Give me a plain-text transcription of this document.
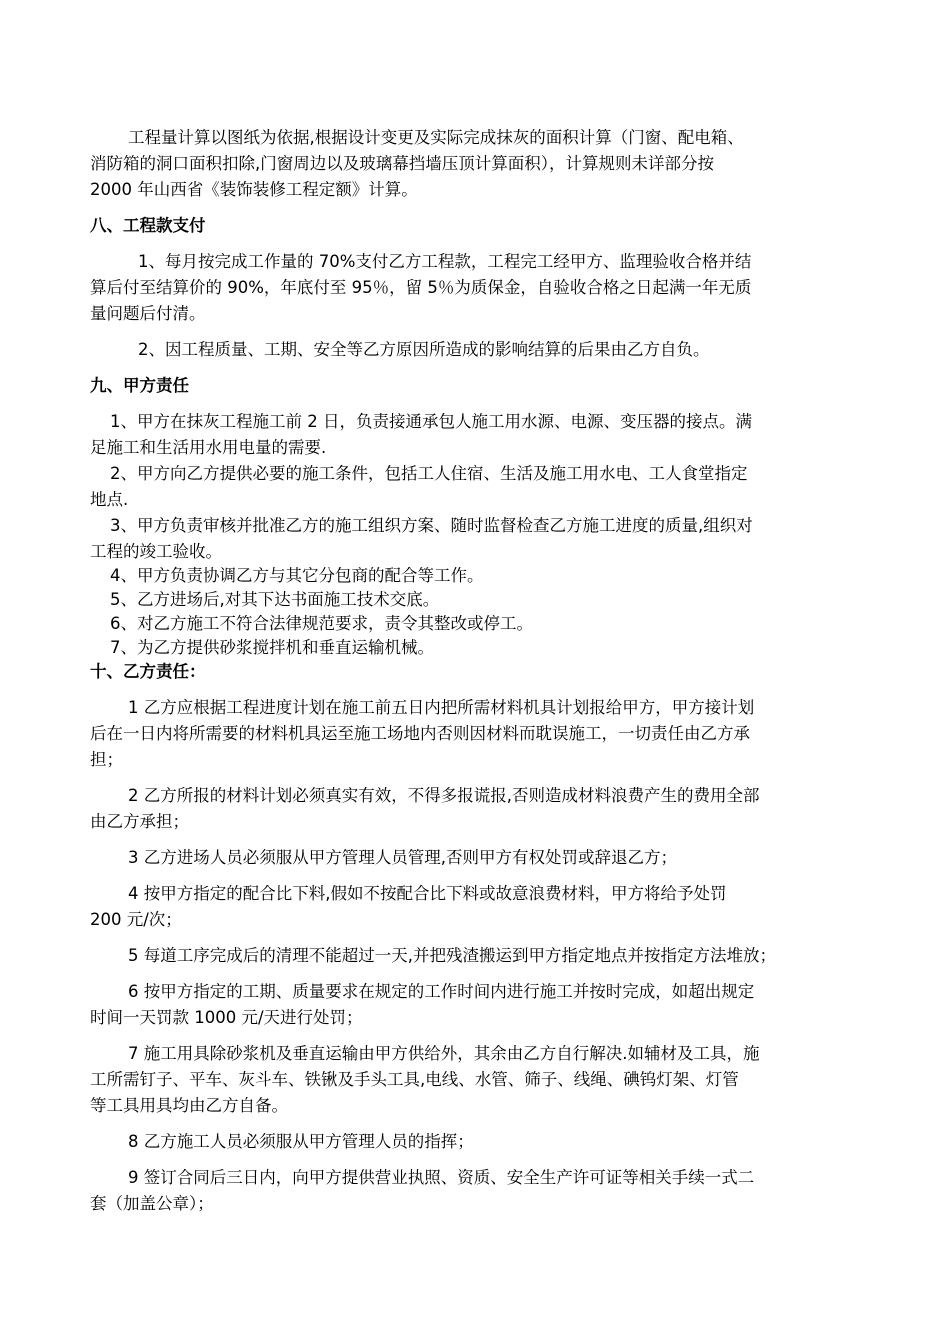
工程量计算以图纸为依据,根据设计变更及实际完成抹灰的面积计算（门窗、配电箱、
消防箱的洞口面积扣除,门窗周边以及玻璃幕挡墙压顶计算面积），计算规则未详部分按
2000 年山西省《装饰装修工程定额》计算。
八、工程款支付
1、每月按完成工作量的 70%支付乙方工程款，工程完工经甲方、监理验收合格并结
算后付至结算价的 90%，年底付至 95％，留 5％为质保金，自验收合格之日起满一年无质
量问题后付清。
2、因工程质量、工期、安全等乙方原因所造成的影响结算的后果由乙方自负。
九、甲方责任
1、甲方在抹灰工程施工前 2 日，负责接通承包人施工用水源、电源、变压器的接点。满
足施工和生活用水用电量的需要.
2、甲方向乙方提供必要的施工条件，包括工人住宿、生活及施工用水电、工人食堂指定
地点.
3、甲方负责审核并批准乙方的施工组织方案、随时监督检查乙方施工进度的质量,组织对
工程的竣工验收。
4、甲方负责协调乙方与其它分包商的配合等工作。
5、乙方进场后,对其下达书面施工技术交底。
6、对乙方施工不符合法律规范要求，责令其整改或停工。
7、为乙方提供砂浆搅拌机和垂直运输机械。
十、乙方责任：
1 乙方应根据工程进度计划在施工前五日内把所需材料机具计划报给甲方，甲方接计划
后在一日内将所需要的材料机具运至施工场地内否则因材料而耽误施工，一切责任由乙方承
担；
2 乙方所报的材料计划必须真实有效，不得多报谎报,否则造成材料浪费产生的费用全部
由乙方承担；
3 乙方进场人员必须服从甲方管理人员管理,否则甲方有权处罚或辞退乙方；
4 按甲方指定的配合比下料,假如不按配合比下料或故意浪费材料，甲方将给予处罚
200 元/次；
5 每道工序完成后的清理不能超过一天,并把残渣搬运到甲方指定地点并按指定方法堆放；
6 按甲方指定的工期、质量要求在规定的工作时间内进行施工并按时完成，如超出规定
时间一天罚款 1000 元/天进行处罚；
7 施工用具除砂浆机及垂直运输由甲方供给外，其余由乙方自行解决.如辅材及工具，施
工所需钉子、平车、灰斗车、铁锹及手头工具,电线、水管、筛子、线绳、碘钨灯架、灯管
等工具用具均由乙方自备。
8 乙方施工人员必须服从甲方管理人员的指挥；
9 签订合同后三日内，向甲方提供营业执照、资质、安全生产许可证等相关手续一式二
套（加盖公章）；
